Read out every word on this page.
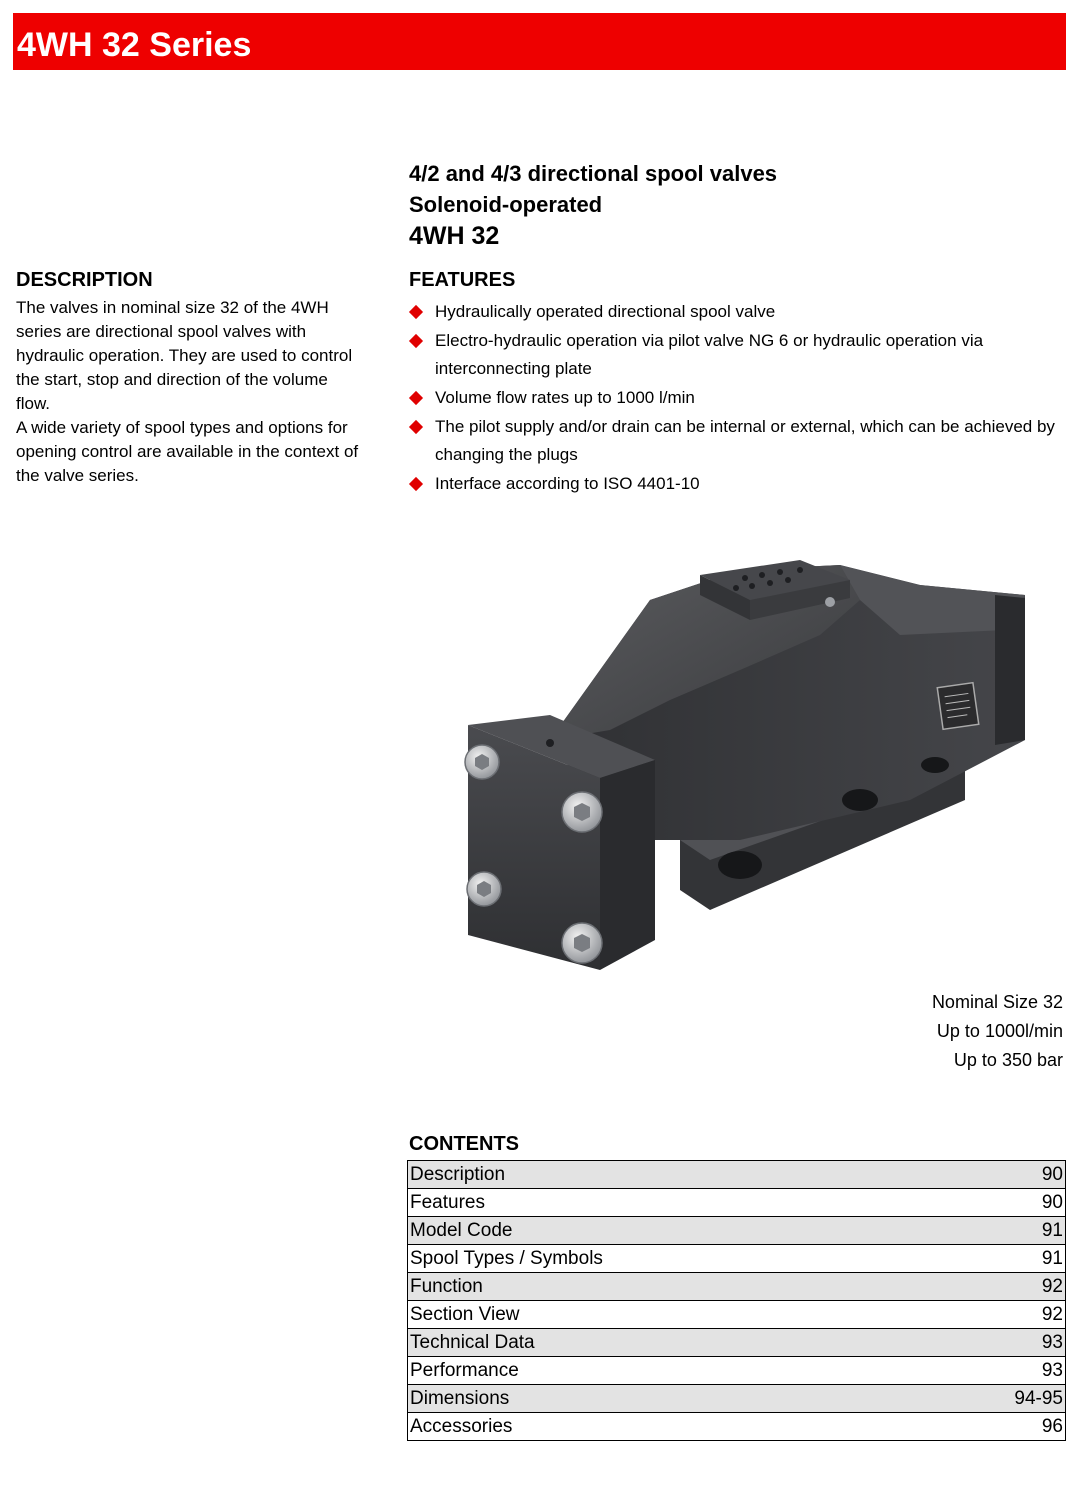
4WH 32 Series
4/2 and 4/3 directional spool valves
Solenoid-operated
4WH 32
DESCRIPTION

The valves in nominal size 32 of the 4WH series are directional spool valves with hydraulic operation. They are used to control the start, stop and direction of the volume flow.

A wide variety of spool types and options for opening control are available in the context of the valve series.

FEATURES
Hydraulically operated directional spool valve
Electro-hydraulic operation via pilot valve NG 6 or hydraulic operation via interconnecting plate
Volume flow rates up to 1000 l/min
The pilot supply and/or drain can be internal or external, which can be achieved by changing the plugs
Interface according to ISO 4401-10
Nominal Size 32
Up to 1000l/min
Up to 350 bar
CONTENTS
Description	90
Features	90
Model Code	91
Spool Types / Symbols	91
Function	92
Section View	92
Technical Data	93
Performance	93
Dimensions	94-95
Accessories	96
